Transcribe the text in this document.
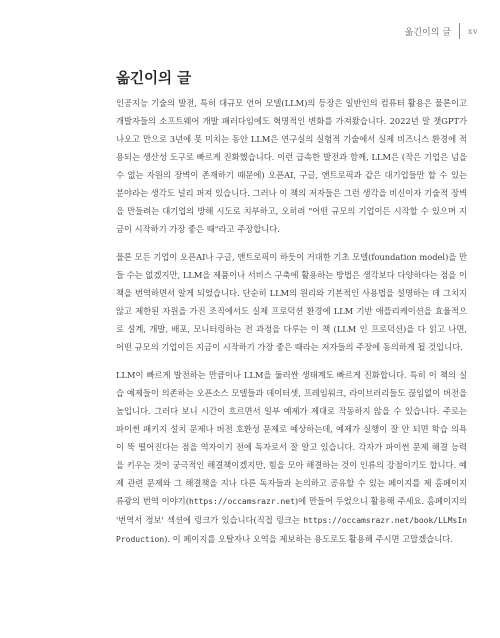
옮긴이의 글	xv
옮긴이의 글

인공지능 기술의 발전, 특히 대규모 언어 모델(LLM)의 등장은 일반인의 컴퓨터 활용은 물론이고 개발자들의 소프트웨어 개발 패러다임에도 혁명적인 변화를 가져왔습니다. 2022년 말 챗GPT가 나오고 만으로 3년에 못 미치는 동안 LLM은 연구실의 실험적 기술에서 실제 비즈니스 환경에 적용되는 생산성 도구로 빠르게 진화했습니다. 이런 급속한 발전과 함께, LLM은 (작은 기업은 넘을 수 없는 자원의 장벽이 존재하기 때문에) 오픈AI, 구글, 앤트로픽과 같은 대기업들만 할 수 있는 분야라는 생각도 널리 퍼져 있습니다. 그러나 이 책의 저자들은 그런 생각을 비신이자 기술적 장벽을 만들려는 대기업의 방해 시도로 치부하고, 오히려 "어떤 규모의 기업이든 시작할 수 있으며 지금이 시작하기 가장 좋은 때"라고 주장합니다.

물론 모든 기업이 오픈AI나 구글, 앤트로픽이 하듯이 거대한 기초 모델(foundation model)을 만들 수는 없겠지만, LLM을 제품이나 서비스 구축에 활용하는 방법은 생각보다 다양하다는 점을 이 책을 번역하면서 알게 되었습니다. 단순히 LLM의 원리와 기본적인 사용법을 설명하는 데 그치지 않고 제한된 자원을 가진 조직에서도 실제 프로덕션 환경에 LLM 기반 애플리케이션을 효율적으로 설계, 개발, 배포, 모니터링하는 전 과정을 다루는 이 책 (LLM 인 프로덕션)을 다 읽고 나면, 어떤 규모의 기업이든 지금이 시작하기 가장 좋은 때라는 저자들의 주장에 동의하게 될 것입니다.

LLM이 빠르게 발전하는 만큼이나 LLM을 둘러싼 생태계도 빠르게 진화합니다. 특히 이 책의 실습 예제들이 의존하는 오픈소스 모델들과 데이터셋, 프레임워크, 라이브러리들도 끊임없이 버전을 높입니다. 그러다 보니 시간이 흐르면서 일부 예제가 제대로 작동하지 않을 수 있습니다. 주로는 파이썬 패키지 설치 문제나 버전 호환성 문제로 예상하는데, 예제가 실행이 잘 안 되면 학습 의욕이 뚝 떨어진다는 점을 역자이기 전에 독자로서 잘 알고 있습니다. 각자가 파이썬 문제 해결 능력을 키우는 것이 궁극적인 해결책이겠지만, 힘을 모아 해결하는 것이 인류의 강점이기도 합니다. 예제 관련 문제와 그 해결책을 지나 다른 독자들과 논의하고 공유할 수 있는 페이지를 제 홈페이지 류광의 번역 이야기(https://occamsrazr.net)에 만들어 두었으니 활용해 주세요. 홈페이지의 '번역서 정보' 섹션에 링크가 있습니다(직접 링크는 https://occamsrazr.net/book/LLMsInProduction). 이 페이지를 오탈자나 오역을 제보하는 용도로도 활용해 주시면 고맙겠습니다.
